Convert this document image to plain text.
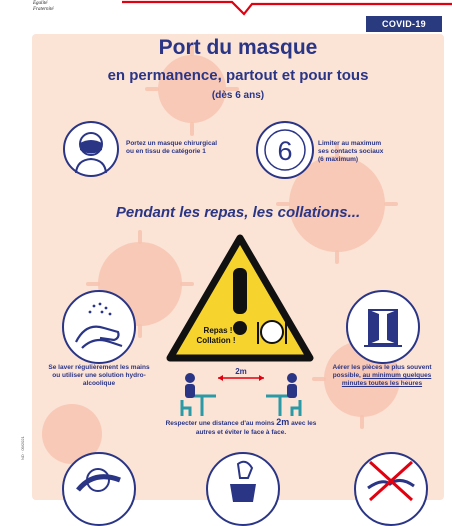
Égalité
Fraternité
COVID-19
Port du masque
en permanence, partout et pour tous
(dès 6 ans)
Portez un masque chirurgical
ou en tissu de catégorie 1	6	Limiter au maximum
ses contacts sociaux
(6 maximum)
Pendant les repas, les collations...
Repas !
Collation !
Se laver régulièrement les mains
ou utiliser une solution hydro-
alcoolique
Aérer les pièces le plus souvent
possible, au minimum quelques
minutes toutes les heures
2m
Respecter une distance d'au moins 2m avec les
autres et éviter le face à face.
ND · 09/2021
